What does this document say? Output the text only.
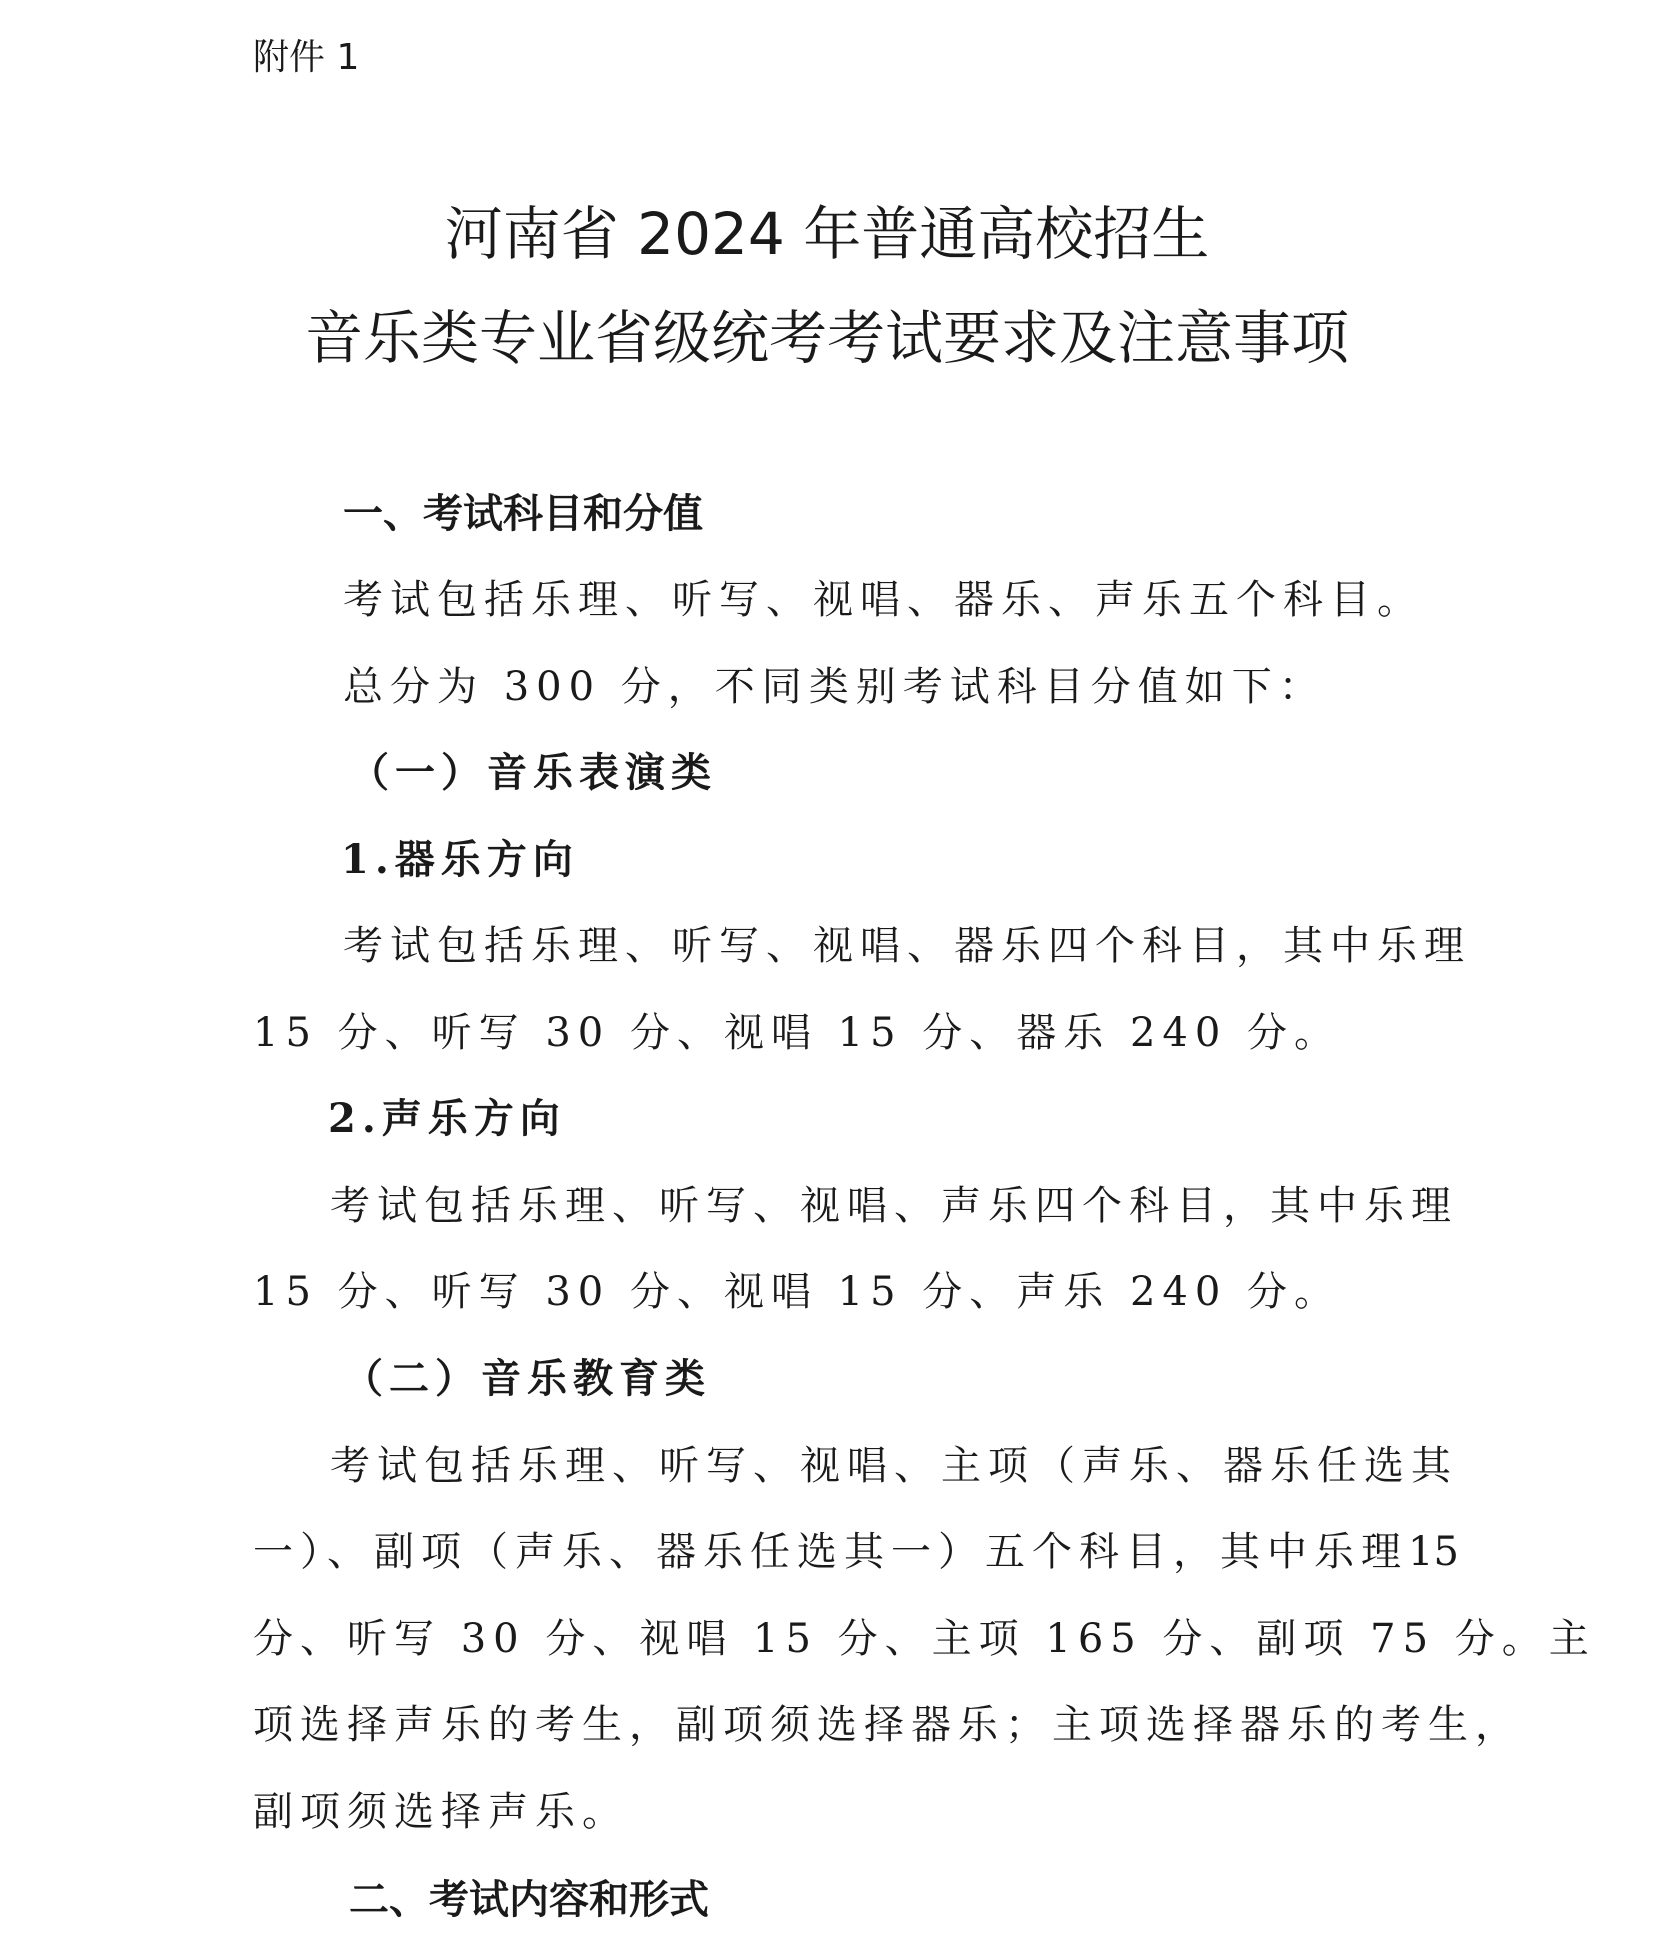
附件 1
河南省 2024 年普通高校招生
音乐类专业省级统考考试要求及注意事项
一、考试科目和分值
考试包括乐理、听写、视唱、器乐、声乐五个科目。
总分为 300 分，不同类别考试科目分值如下：
（一）音乐表演类
1.器乐方向
考试包括乐理、听写、视唱、器乐四个科目，其中乐理
15 分、听写 30 分、视唱 15 分、器乐 240 分。
2.声乐方向
考试包括乐理、听写、视唱、声乐四个科目，其中乐理
15 分、听写 30 分、视唱 15 分、声乐 240 分。
（二）音乐教育类
考试包括乐理、听写、视唱、主项（声乐、器乐任选其
一）、副项（声乐、器乐任选其一）五个科目，其中乐理 15
分、听写 30 分、视唱 15 分、主项 165 分、副项 75 分。 主
项选择声乐的考生，副项须选择器乐；主项选择器乐的考生，
副项须选择声乐。
二、考试内容和形式
